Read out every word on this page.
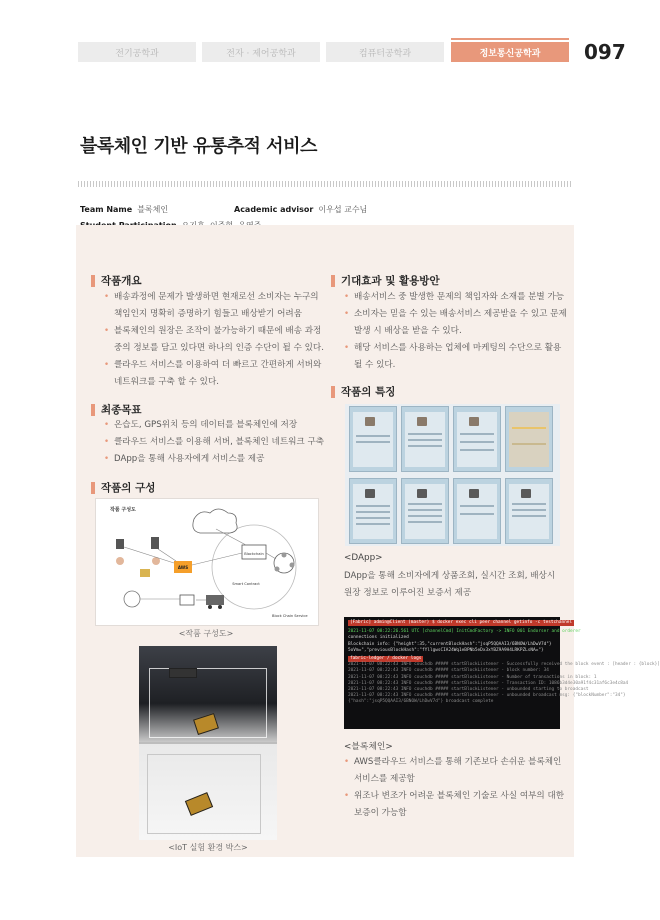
전기공학과	전자 · 제어공학과	컴퓨터공학과	정보통신공학과	097
블록체인 기반 유통추적 서비스
Team Name 블록체인	Academic advisor 이우섭 교수님
작품개요
• 배송과정에 문제가 발생하면 현재로선 소비자는 누구의
책임인지 명확히 증명하기 힘들고 배상받기 어려움
• 블록체인의 원장은 조작이 불가능하기 때문에 배송 과정
중의 정보를 담고 있다면 하나의 인증 수단이 될 수 있다.
• 클라우드 서비스를 이용하여 더 빠르고 간편하게 서버와
네트워크를 구축 할 수 있다.
최종목표
• 온습도, GPS위치 등의 데이터를 블록체인에 저장
• 클라우드 서비스를 이용해 서버, 블록체인 네트워크 구축
• DApp을 통해 사용자에게 서비스를 제공
작품의 구성
작품 구성도
AWS
Blockchain
Smart Contract
Block Chain Service
<작품 구성도>
<IoT 실험 환경 박스>
기대효과 및 활용방안
• 배송서비스 중 발생한 문제의 책임자와 소재를 분별 가능
• 소비자는 믿을 수 있는 배송서비스 제공받을 수 있고 문제
발생 시 배상을 받을 수 있다.
• 해당 서비스를 사용하는 업체에 마케팅의 수단으로 활용
될 수 있다.
작품의 특징
<DApp>
DApp을 통해 소비자에게 상품조회, 실시간 조회, 배상시
원장 정보로 이루어진 보증서 제공
[Fabric] admin@Client (master) $ docker exec cli peer channel getinfo -c testchannel
2021-11-07 08:22:26.561 UTC [channelCmd] InitCmdFactory -> INFO 001 Endorser and orderer
connections initialized
Blockchain info: {"height":35,"currentBlockHash":"jsqP5QQAAI3/6BNOW/LhDwV7d"}
5oVm=","previousBlockHash":"fYllgwsCIA24Wq1eBPNb5eDx3xYBZ9A9H4LRKPZLsNA="}
fabric-ledger / docker logs
2021-11-07 08:22:43 INFO couchdb ##### startBlockListener - Successfully received the block event : [header : {block}]
2021-11-07 08:22:43 INFO couchdb ##### startBlockListener - block number: 34
2021-11-07 08:22:43 INFO couchdb ##### startBlockListener - Number of transactions in block: 1
2021-11-07 08:22:43 INFO couchdb ##### startBlockListener - Transaction ID: 1086b3d4e30a91f4c31af6c3e4c8a4
2021-11-07 08:22:43 INFO couchdb ##### startBlockListener - unbounded starting to broadcast
2021-11-07 08:22:43 INFO couchdb ##### startBlockListener - unbounded broadcast msg: {"blockNumber":"34"}
{"hash":"jsqP5QQAAI3/6BNOW/LhDwV7d"} broadcast complete
<블록체인>
• AWS클라우드 서비스를 통해 기존보다 손쉬운 블록체인
서비스를 제공함
• 위조나 변조가 어려운 블록체인 기술로 사실 여부의 대한
보증이 가능함
